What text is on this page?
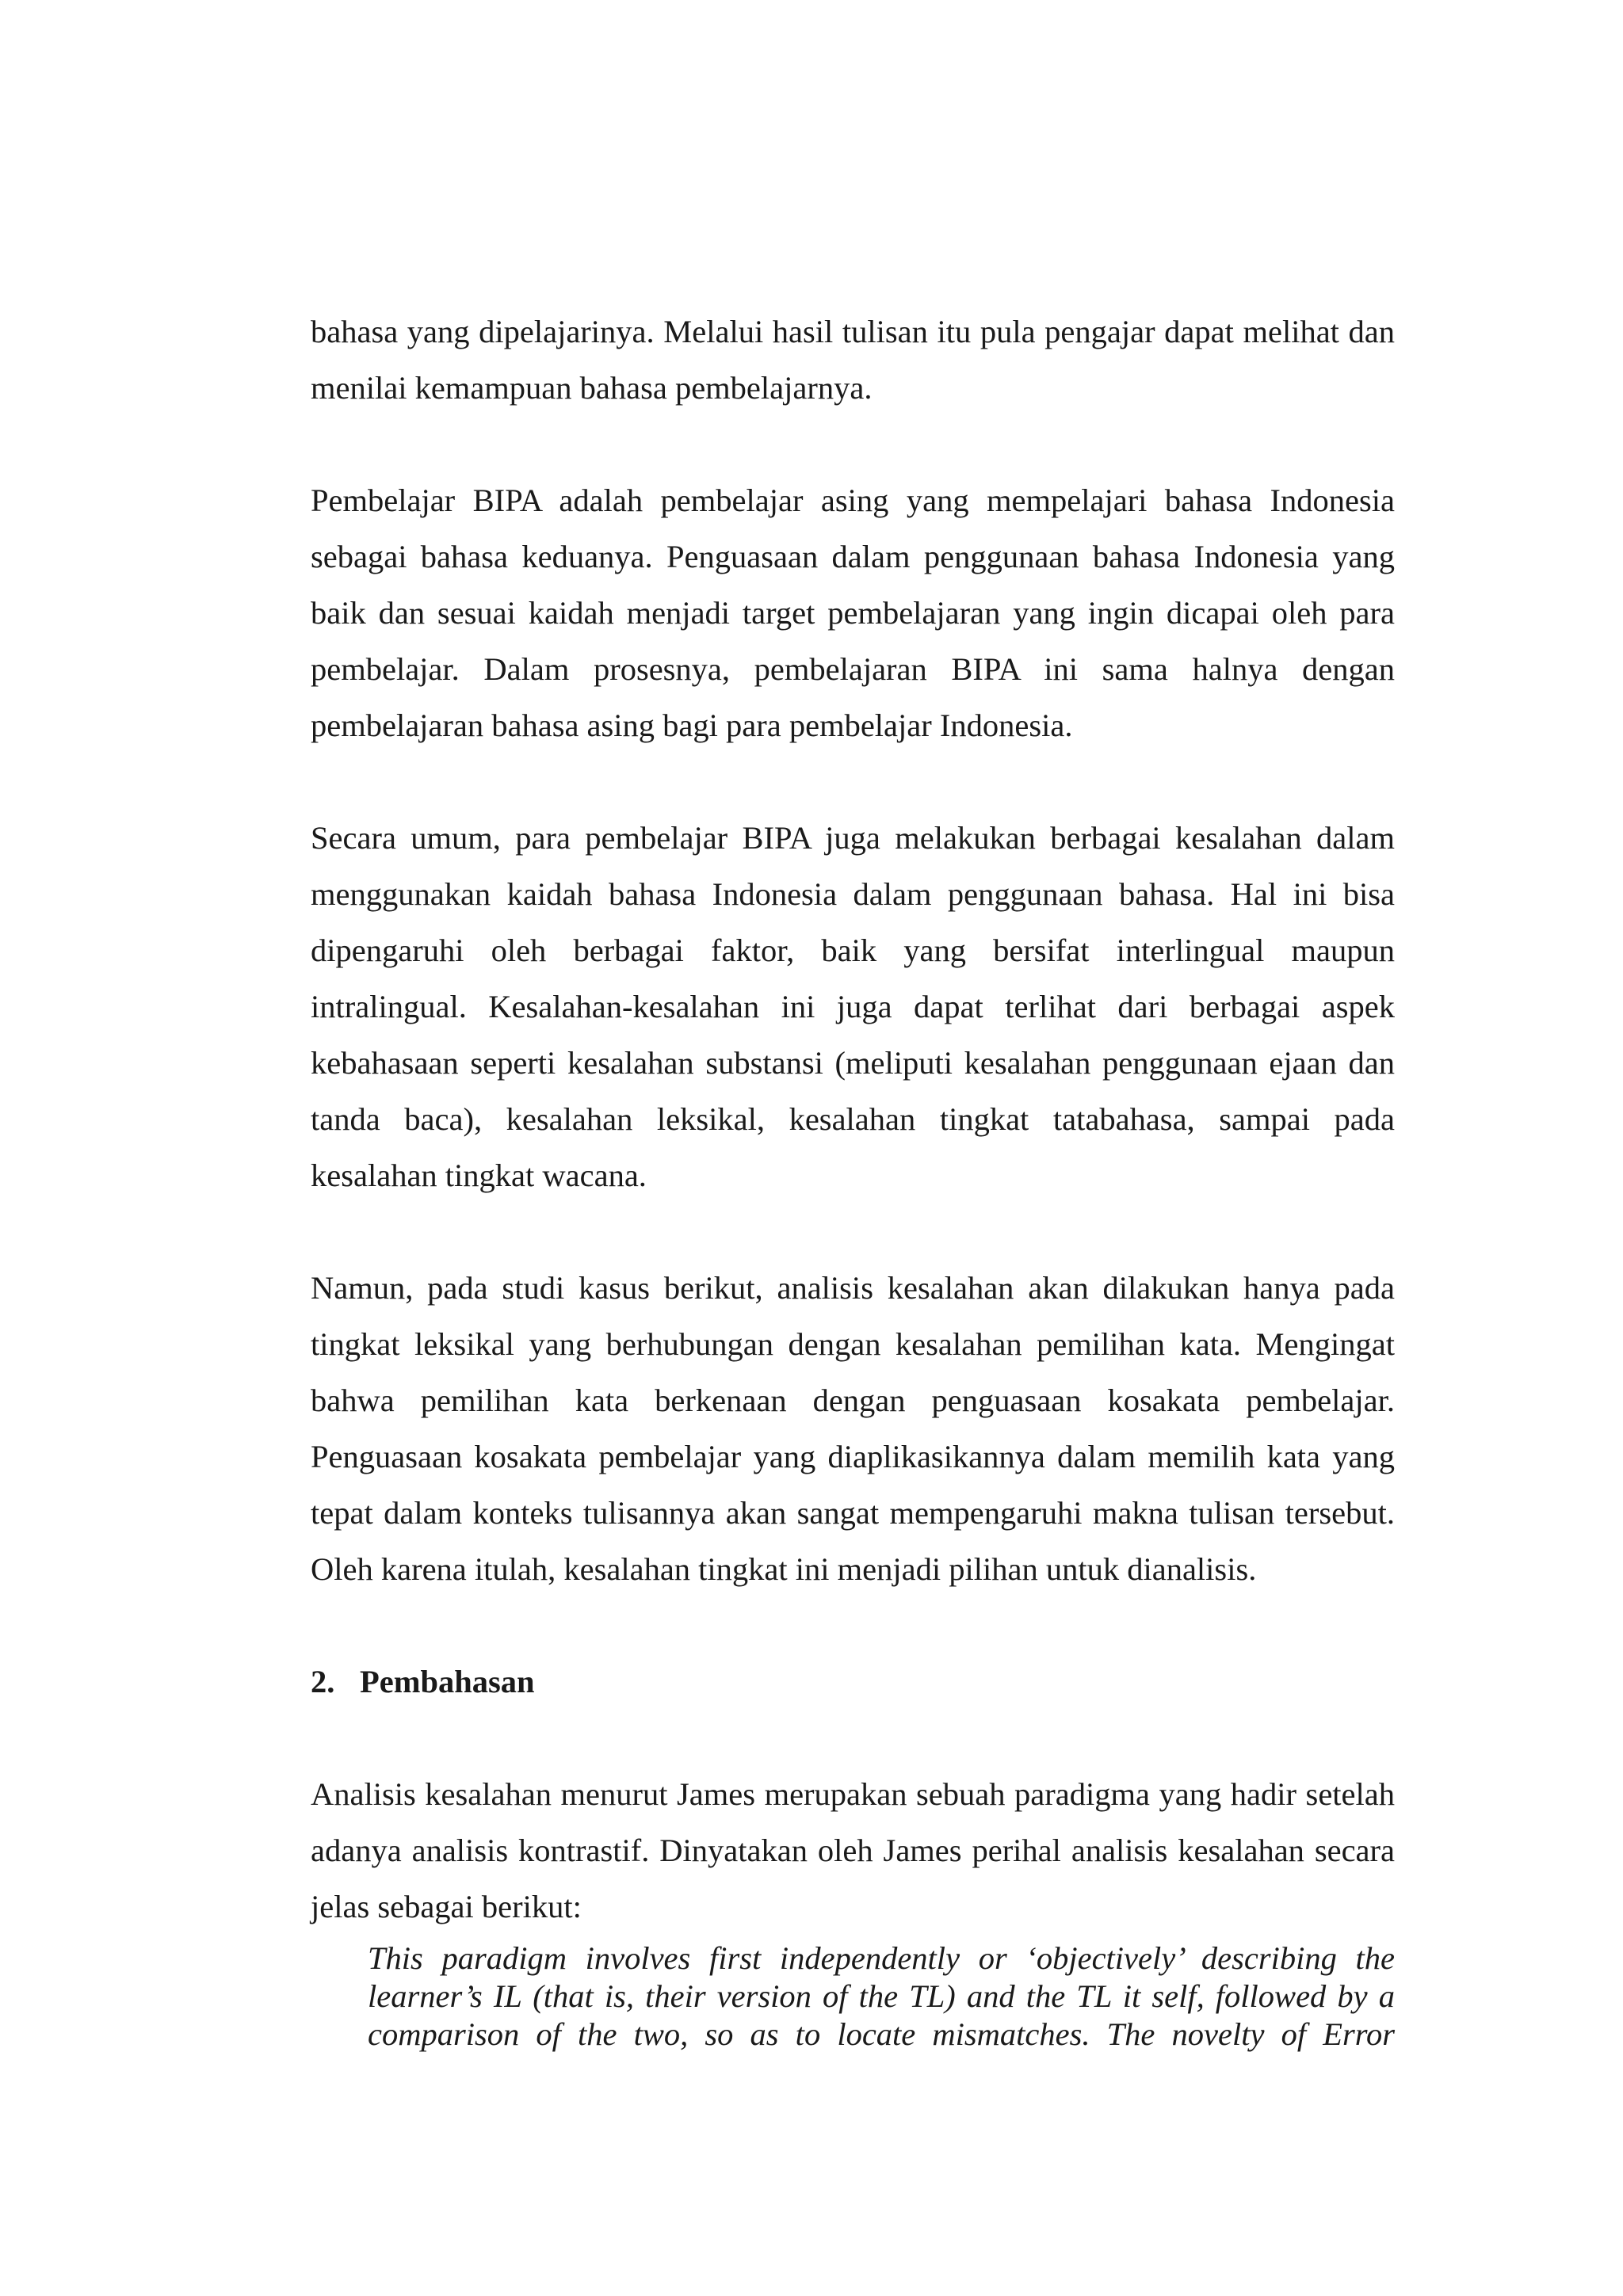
bahasa yang dipelajarinya. Melalui hasil tulisan itu pula pengajar dapat melihat dan menilai kemampuan bahasa pembelajarnya.

Pembelajar BIPA adalah pembelajar asing yang mempelajari bahasa Indonesia sebagai bahasa keduanya. Penguasaan dalam penggunaan bahasa Indonesia yang baik dan sesuai kaidah menjadi target pembelajaran yang ingin dicapai oleh para pembelajar. Dalam prosesnya, pembelajaran BIPA ini sama halnya dengan pembelajaran bahasa asing bagi para pembelajar Indonesia.

Secara umum, para pembelajar BIPA juga melakukan berbagai kesalahan dalam menggunakan kaidah bahasa Indonesia dalam penggunaan bahasa. Hal ini bisa dipengaruhi oleh berbagai faktor, baik yang bersifat interlingual maupun intralingual. Kesalahan-kesalahan ini juga dapat terlihat dari berbagai aspek kebahasaan seperti kesalahan substansi (meliputi kesalahan penggunaan ejaan dan tanda baca), kesalahan leksikal, kesalahan tingkat tatabahasa, sampai pada kesalahan tingkat wacana.

Namun, pada studi kasus berikut, analisis kesalahan akan dilakukan hanya pada tingkat leksikal yang berhubungan dengan kesalahan pemilihan kata. Mengingat bahwa pemilihan kata berkenaan dengan penguasaan kosakata pembelajar. Penguasaan kosakata pembelajar yang diaplikasikannya dalam memilih kata yang tepat dalam konteks tulisannya akan sangat mempengaruhi makna tulisan tersebut. Oleh karena itulah, kesalahan tingkat ini menjadi pilihan untuk dianalisis.

2. Pembahasan

Analisis kesalahan menurut James merupakan sebuah paradigma yang hadir setelah adanya analisis kontrastif. Dinyatakan oleh James perihal analisis kesalahan secara jelas sebagai berikut:

This paradigm involves first independently or ‘objectively’ describing the learner’s IL (that is, their version of the TL) and the TL it self, followed by a comparison of the two, so as to locate mismatches. The novelty of Error
